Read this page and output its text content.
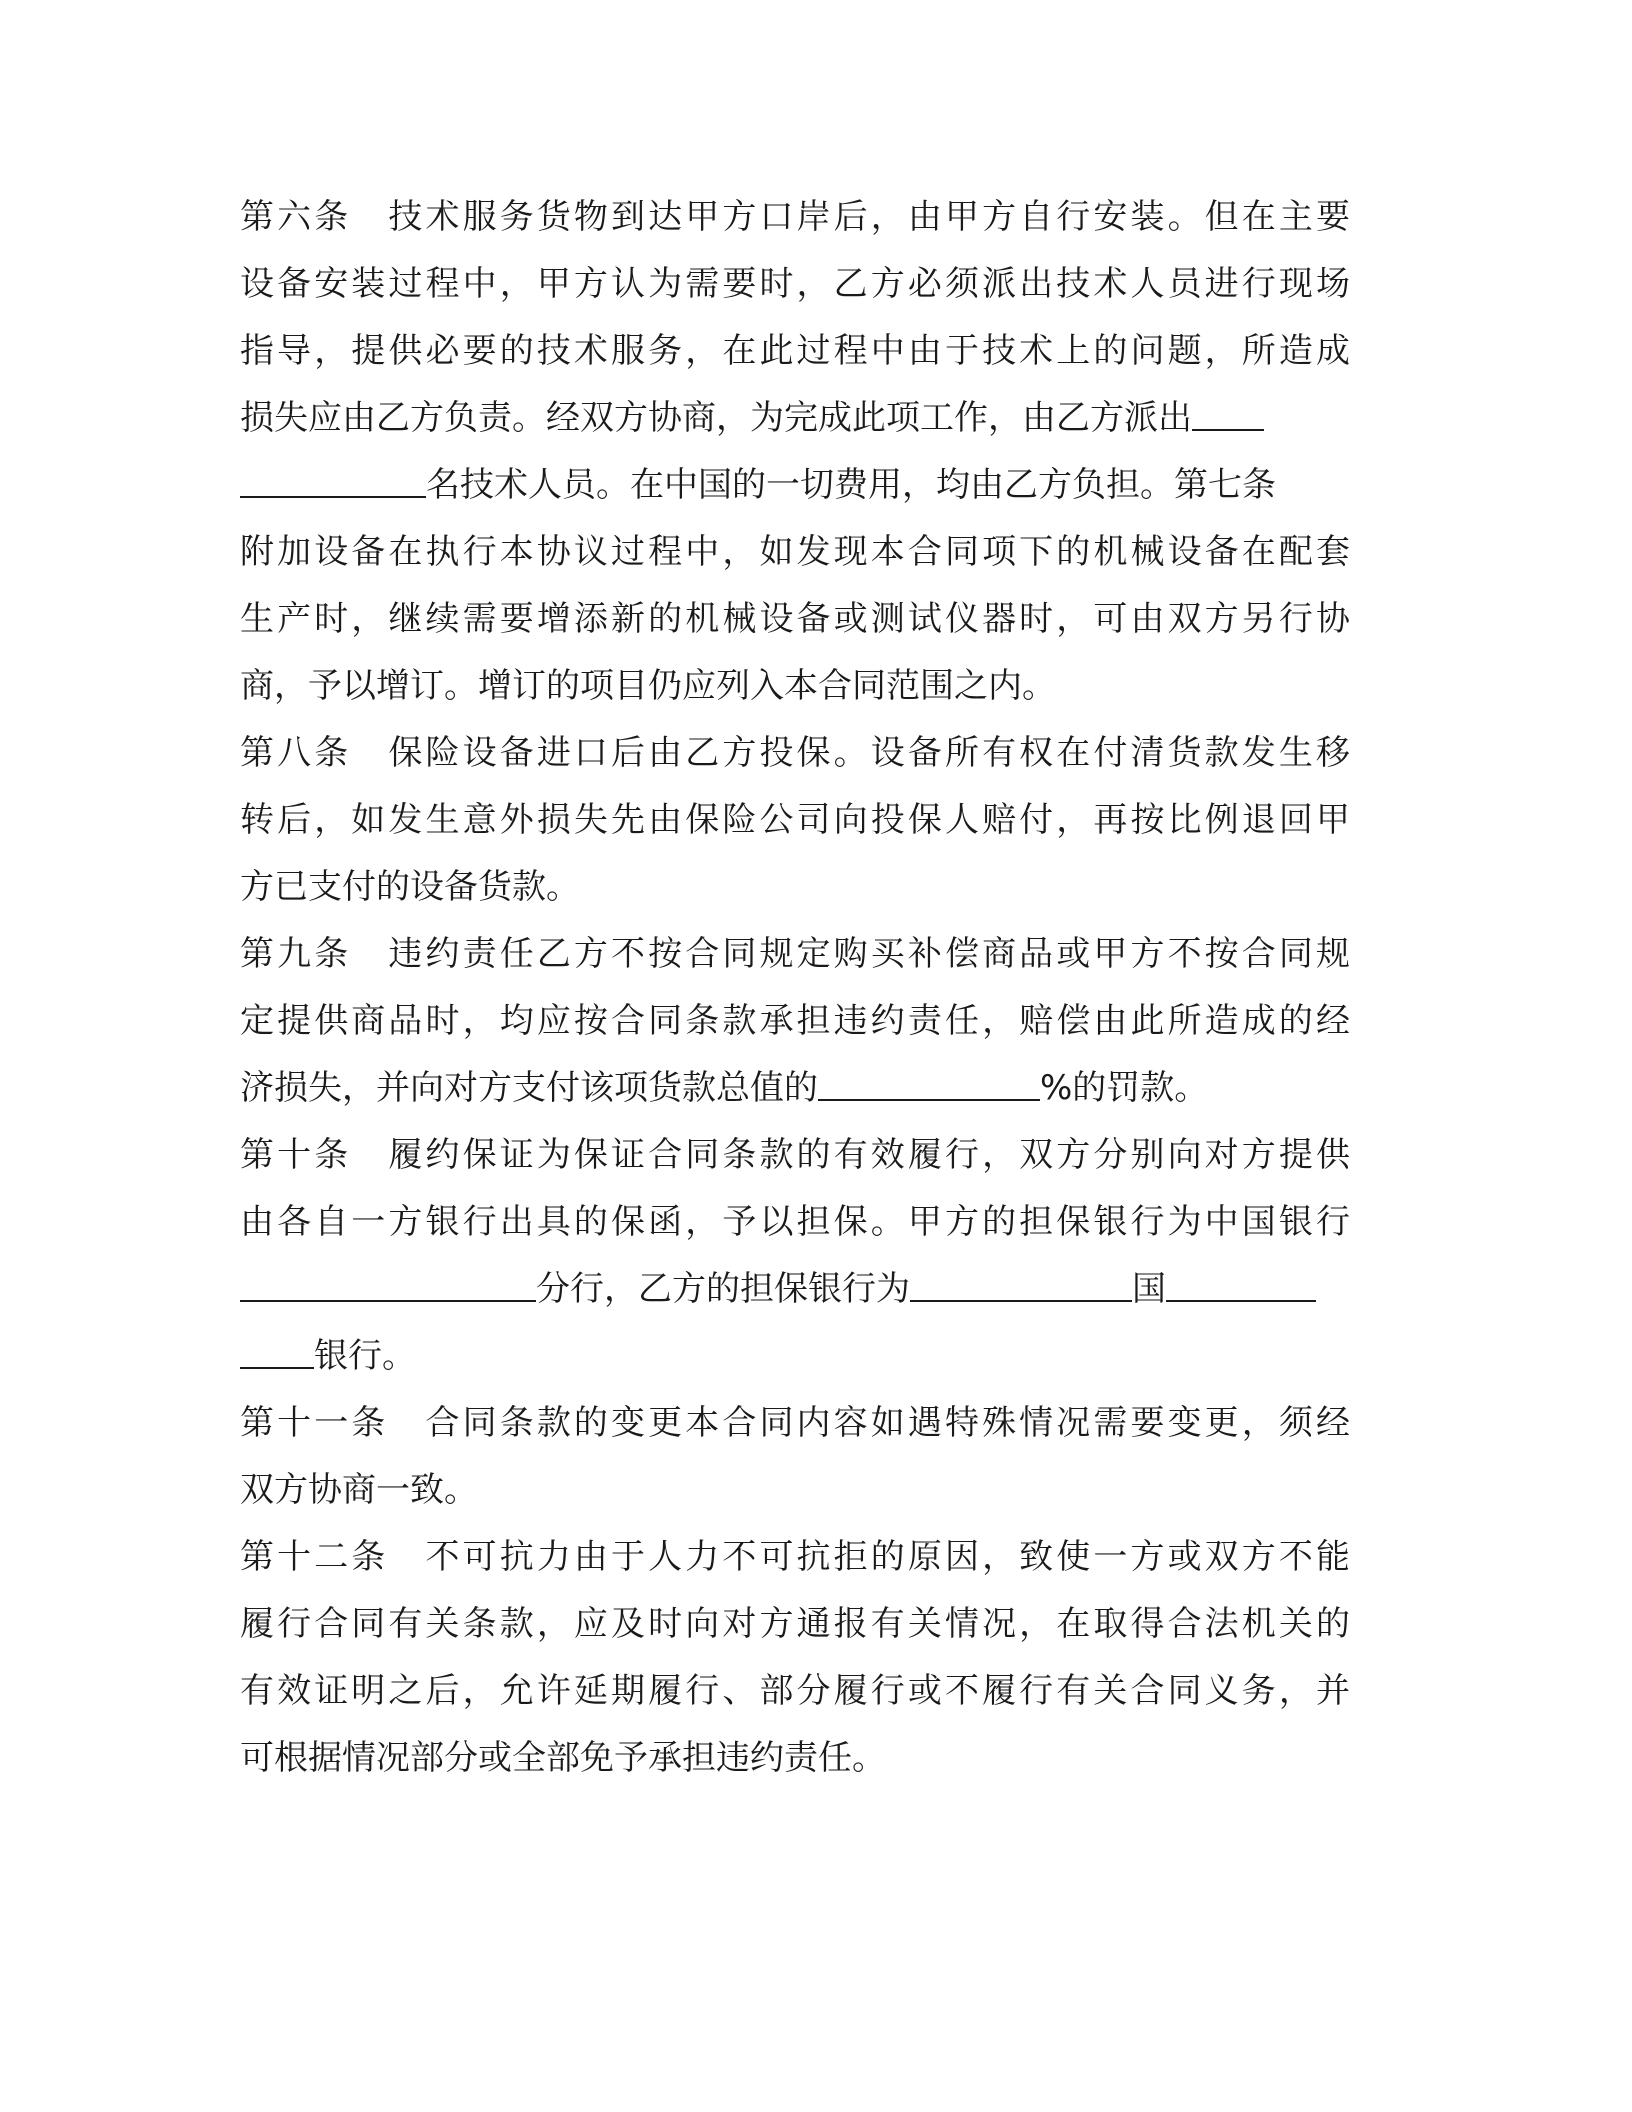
第六条　技术服务货物到达甲方口岸后，由甲方自行安装。但在主要
设备安装过程中，甲方认为需要时，乙方必须派出技术人员进行现场
指导，提供必要的技术服务，在此过程中由于技术上的问题，所造成
损失应由乙方负责。经双方协商，为完成此项工作，由乙方派出
名技术人员。在中国的一切费用，均由乙方负担。第七条
附加设备在执行本协议过程中，如发现本合同项下的机械设备在配套
生产时，继续需要增添新的机械设备或测试仪器时，可由双方另行协
商，予以增订。增订的项目仍应列入本合同范围之内。
第八条　保险设备进口后由乙方投保。设备所有权在付清货款发生移
转后，如发生意外损失先由保险公司向投保人赔付，再按比例退回甲
方已支付的设备货款。
第九条　违约责任乙方不按合同规定购买补偿商品或甲方不按合同规
定提供商品时，均应按合同条款承担违约责任，赔偿由此所造成的经
济损失，并向对方支付该项货款总值的	%的罚款。
第十条　履约保证为保证合同条款的有效履行，双方分别向对方提供
由各自一方银行出具的保函，予以担保。甲方的担保银行为中国银行
分行，乙方的担保银行为	国
银行。
第十一条　合同条款的变更本合同内容如遇特殊情况需要变更，须经
双方协商一致。
第十二条　不可抗力由于人力不可抗拒的原因，致使一方或双方不能
履行合同有关条款，应及时向对方通报有关情况，在取得合法机关的
有效证明之后，允许延期履行、部分履行或不履行有关合同义务，并
可根据情况部分或全部免予承担违约责任。
